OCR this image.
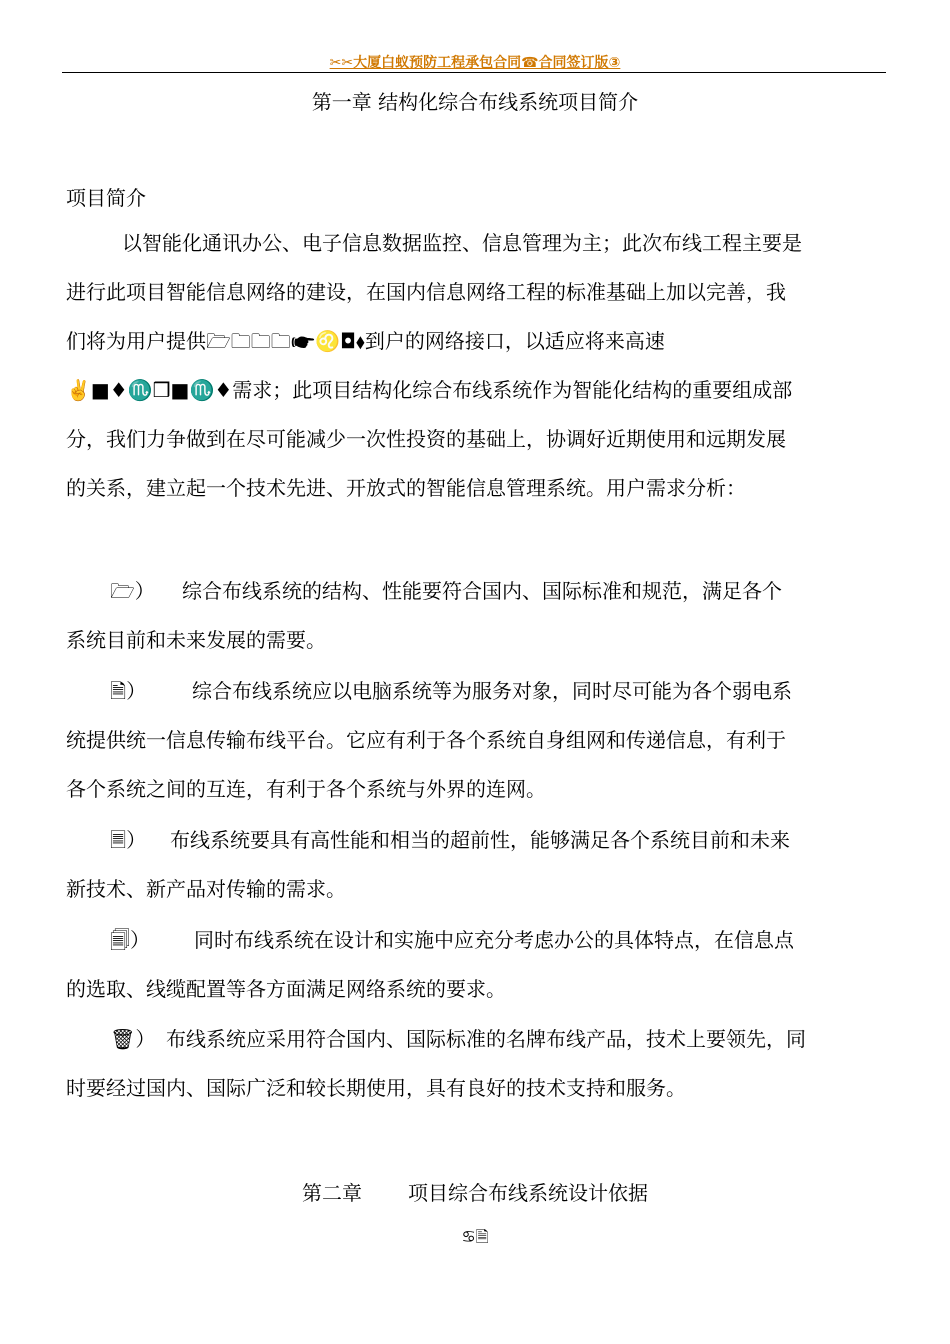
✂✂大厦白蚁预防工程承包合同☎合同签订版③
第一章 结构化综合布线系统项目简介
项目简介
以智能化通讯办公、电子信息数据监控、信息管理为主；此次布线工程主要是
进行此项目智能信息网络的建设，在国内信息网络工程的标准基础上加以完善，我
们将为用户提供🗁🗀🗀🗀🖝♌◘⬧到户的网络接口，以适应将来高速
✌■♦♏❒■♏♦需求；此项目结构化综合布线系统作为智能化结构的重要组成部
分，我们力争做到在尽可能减少一次性投资的基础上，协调好近期使用和远期发展
的关系，建立起一个技术先进、开放式的智能信息管理系统。用户需求分析：
🗁） 综合布线系统的结构、性能要符合国内、国际标准和规范，满足各个
系统目前和未来发展的需要。
🗎） 综合布线系统应以电脑系统等为服务对象，同时尽可能为各个弱电系
统提供统一信息传输布线平台。它应有利于各个系统自身组网和传递信息，有利于
各个系统之间的互连，有利于各个系统与外界的连网。
🗏） 布线系统要具有高性能和相当的超前性，能够满足各个系统目前和未来
新技术、新产品对传输的需求。
🗐） 同时布线系统在设计和实施中应充分考虑办公的具体特点，在信息点
的选取、线缆配置等各方面满足网络系统的要求。
🗑） 布线系统应采用符合国内、国际标准的名牌布线产品，技术上要领先，同
时要经过国内、国际广泛和较长期使用，具有良好的技术支持和服务。
第二章 项目综合布线系统设计依据
♋🗎
